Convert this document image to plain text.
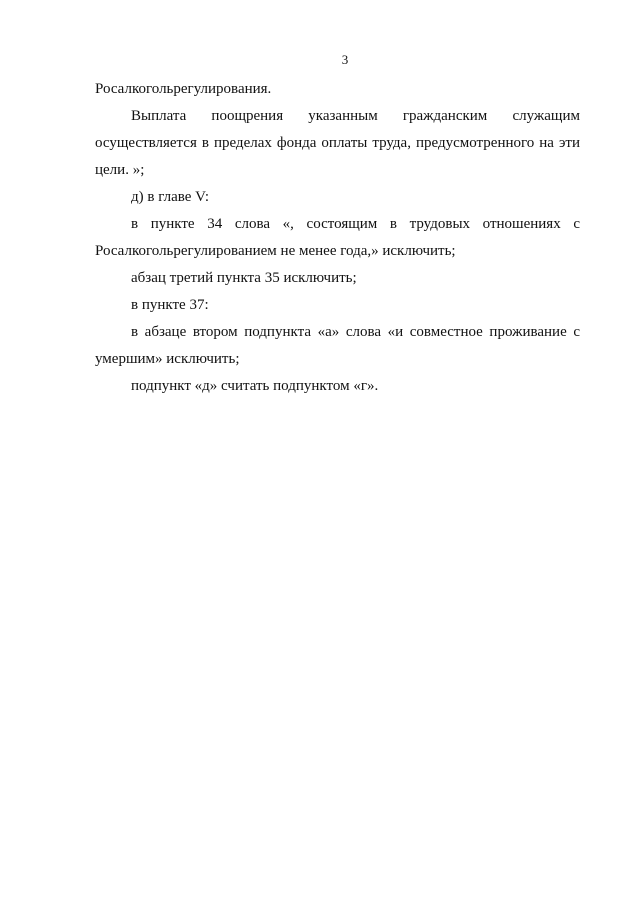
3

Росалкогольрегулирования.

Выплата поощрения указанным гражданским служащим осуществляется в пределах фонда оплаты труда, предусмотренного на эти цели. »;

д) в главе V:

в пункте 34 слова «, состоящим в трудовых отношениях с Росалкогольрегулированием не менее года,» исключить;

абзац третий пункта 35 исключить;

в пункте 37:

в абзаце втором подпункта «а» слова «и совместное проживание с умершим» исключить;

подпункт «д» считать подпунктом «г».
